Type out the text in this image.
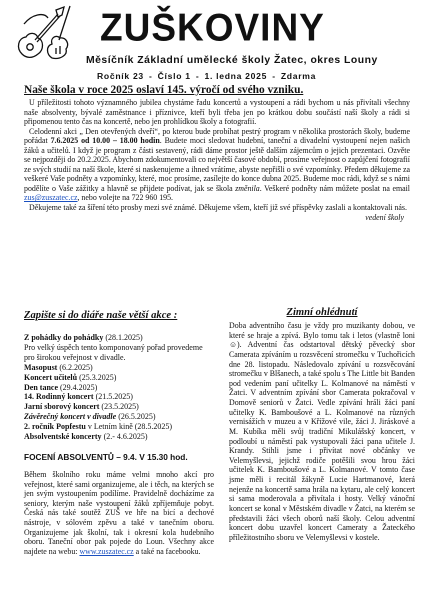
ZUŠKOVINY

Měsíčník Základní umělecké školy Žatec, okres Louny

Ročník 23 - Číslo 1 - 1. ledna 2025 - Zdarma

Naše škola v roce 2025 oslaví 145. výročí od svého vzniku.

U příležitosti tohoto významného jubilea chystáme řadu koncertů a vystoupení a rádi bychom u nás přivítali všechny naše absolventy, bývalé zaměstnance i příznivce, kteří byli třeba jen po krátkou dobu součástí naší školy a rádi si připomenou tento čas na koncertě, nebo jen prohlídkou školy a fotografií.

Celodenní akci „ Den otevřených dveří“, po kterou bude probíhat pestrý program v několika prostorách školy, budeme pořádat 7.6.2025 od 10.00 – 18.00 hodin. Budete moci sledovat hudební, taneční a divadelní vystoupení nejen našich žáků a učitelů. I když je program z části sestavený, rádi dáme prostor ještě dalším zájemcům o jejich prezentaci. Ozvěte se nejpozději do 20.2.2025. Abychom zdokumentovali co největší časové období, prosíme veřejnost o zapůjčení fotografií ze svých studií na naší škole, které si naskenujeme a ihned vrátíme, abyste nepřišli o své vzpomínky. Předem děkujeme za veškeré Vaše podněty a vzpomínky, které, moc prosíme, zasílejte do konce dubna 2025. Budeme moc rádi, když se s námi podělíte o Vaše zážitky a hlavně se přijdete podívat, jak se škola změnila. Veškeré podněty nám můžete poslat na email zus@zuszatec.cz, nebo volejte na 722 960 195.

Děkujeme také za šíření této prosby mezi své známé. Děkujeme všem, kteří již své příspěvky zaslali a kontaktovali nás.

vedení školy
Zapište si do diáře naše větší akce :
Z pohádky do pohádky (28.1.2025)
Pro velký úspěch tento komponovaný pořad provedeme pro širokou veřejnost v divadle.
Masopust (6.2.2025)
Koncert učitelů (25.3.2025)
Den tance (29.4.2025)
14. Rodinný koncert (21.5.2025)
Jarní sborový koncert (23.5.2025)
Závěrečný koncert v divadle (26.5.2025)
2. ročník Popfestu v Letním kině (28.5.2025)
Absolventské koncerty (2.- 4.6.2025)

FOCENÍ ABSOLVENTŮ – 9.4. V 15.30 hod.

Během školního roku máme velmi mnoho akcí pro veřejnost, které sami organizujeme, ale i těch, na kterých se jen svým vystoupením podílíme. Pravidelně docházíme za seniory, kterým naše vystoupení žáků zpříjemňuje pobyt. Česká nás také soutěž ZUŠ ve hře na bicí a dechové nástroje, v sólovém zpěvu a také v tanečním oboru. Organizujeme jak školní, tak i okresní kola hudebního oboru. Taneční obor pak pojede do Loun. Všechny akce najdete na webu: www.zuszatec.cz a také na facebooku.

Zimní ohlédnutí

Doba adventního času je vždy pro muzikanty dobou, ve které se hraje a zpívá. Bylo tomu tak i letos (vlastně loni ☺). Adventní čas odstartoval dětský pěvecký sbor Camerata zpíváním u rozsvěcení stromečku v Tuchořicích dne 28. listopadu. Následovalo zpívání u rozsvěcování stromečku v Blšanech, a také spolu s The Little bit Banden pod vedením paní učitelky L. Kolmanové na náměstí v Žatci. V adventním zpívání sbor Camerata pokračoval v Domově seniorů v Žatci. Vedle zpívání hráli žáci paní učitelky K. Bamboušové a L. Kolmanové na různých vernisážích v muzeu a v Křížové vile, žáci J. Jiráskové a M. Kubíka měli svůj tradiční Mikulášský koncert, v podloubí u náměstí pak vystupovali žáci pana učitele J. Krandy. Stihli jsme i přivítat nové občánky ve Velemyšlevsi, jejichž rodiče potěšili svou hrou žáci učitelek K. Bamboušové a L. Kolmanové. V tomto čase jsme měli i recitál žákyně Lucie Hartmanové, která nejenže na koncertě sama hrála na kytaru, ale celý koncert si sama moderovala a přivítala i hosty. Velký vánoční koncert se konal v Městském divadle v Žatci, na kterém se představili žáci všech oborů naší školy. Celou adventní koncert dobu uzavřel koncert Cameraty a Žateckého příležitostního sboru ve Velemyšlevsi v kostele.
